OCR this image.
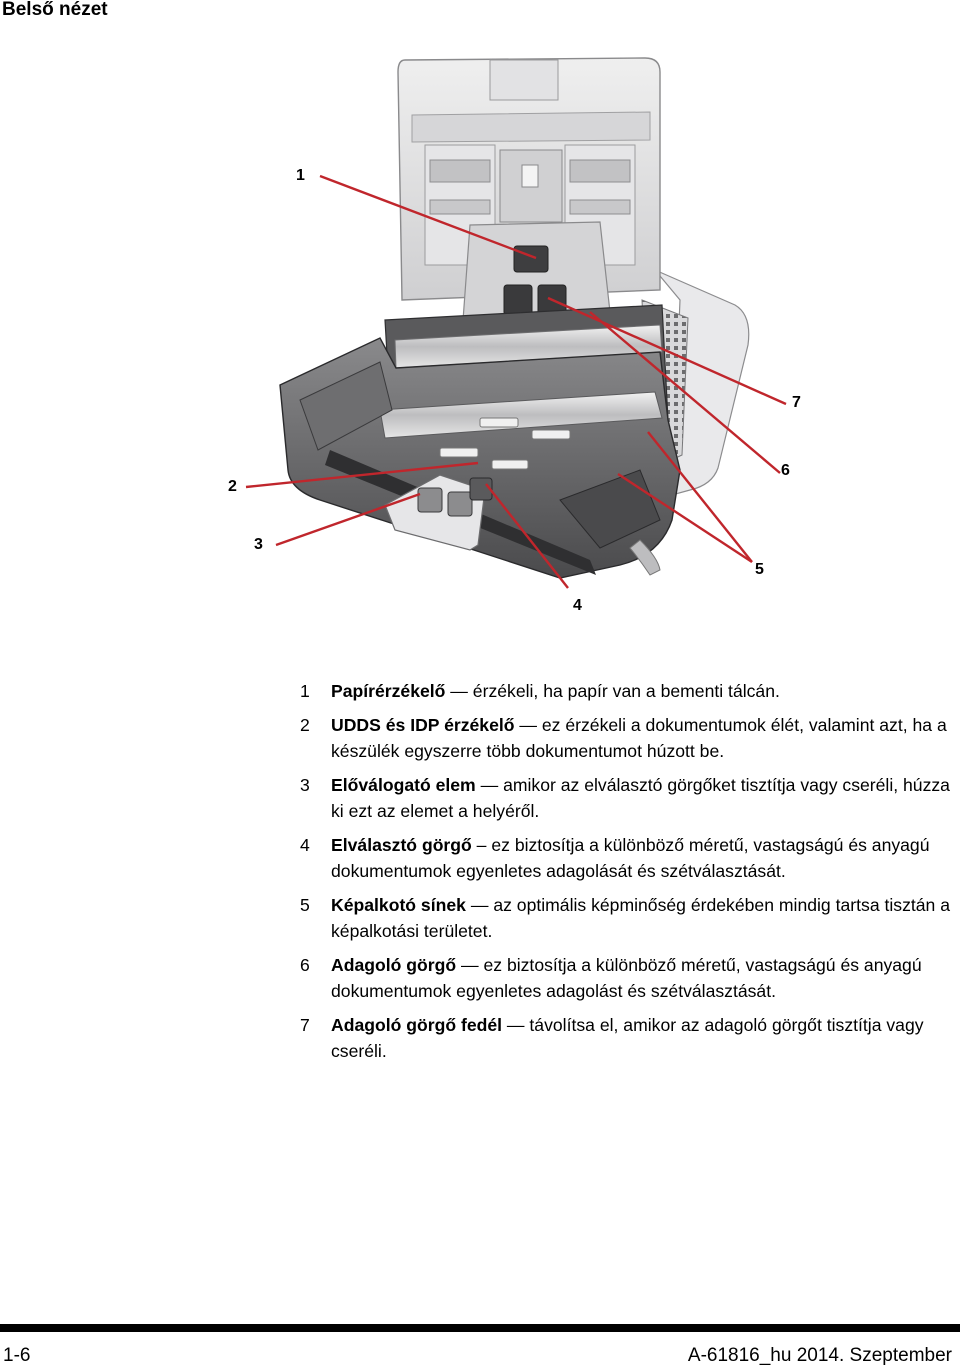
Belső nézet
1
2
3
4
5
6
7
1 Papírérzékelő — érzékeli, ha papír van a bementi tálcán.
2 UDDS és IDP érzékelő — ez érzékeli a dokumentumok élét, valamint azt, ha a készülék egyszerre több dokumentumot húzott be.
3 Előválogató elem — amikor az elválasztó görgőket tisztítja vagy cseréli, húzza ki ezt az elemet a helyéről.
4 Elválasztó görgő – ez biztosítja a különböző méretű, vastagságú és anyagú dokumentumok egyenletes adagolását és szétválasztását.
5 Képalkotó sínek — az optimális képminőség érdekében mindig tartsa tisztán a képalkotási területet.
6 Adagoló görgő — ez biztosítja a különböző méretű, vastagságú és anyagú dokumentumok egyenletes adagolást és szétválasztását.
7 Adagoló görgő fedél — távolítsa el, amikor az adagoló görgőt tisztítja vagy cseréli.
1-6	A-61816_hu 2014. Szeptember
